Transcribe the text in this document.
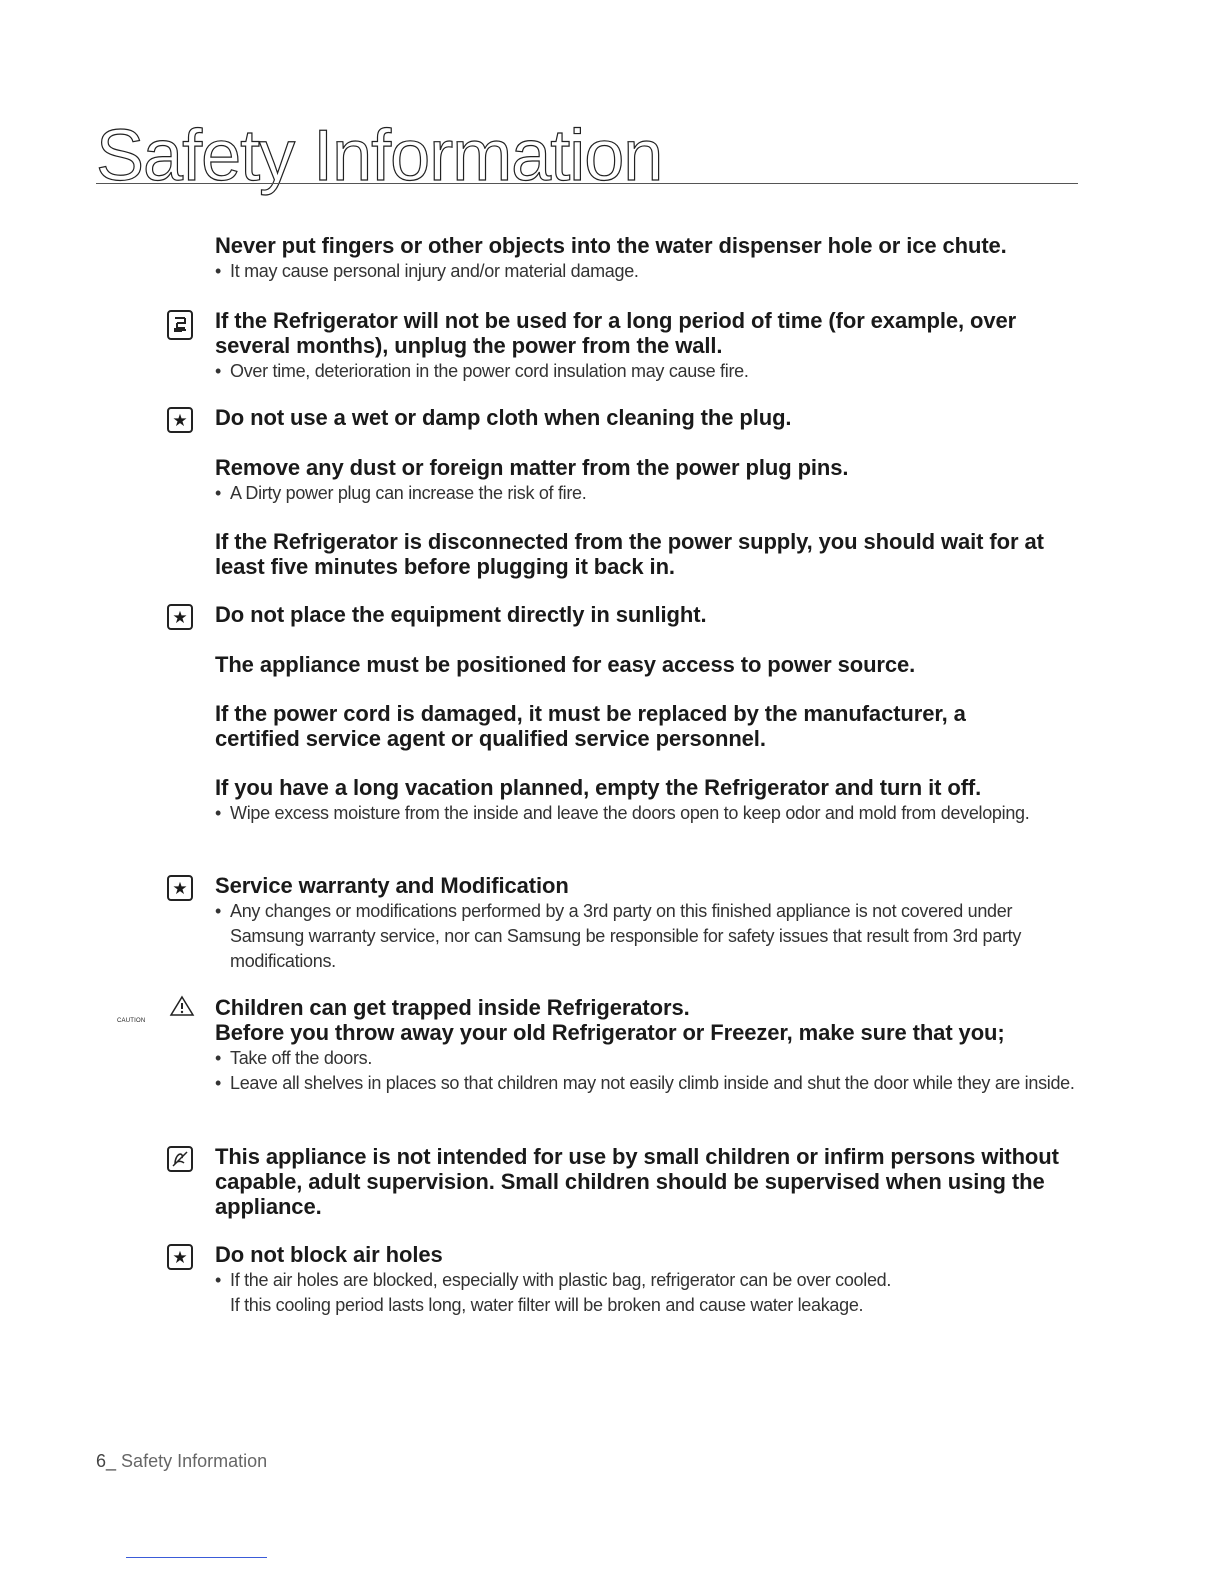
Safety Information
Never put fingers or other objects into the water dispenser hole or ice chute.
• It may cause personal injury and/or material damage.
If the Refrigerator will not be used for a long period of time (for example, over several months), unplug the power from the wall.
• Over time, deterioration in the power cord insulation may cause fire.
★ Do not use a wet or damp cloth when cleaning the plug.
Remove any dust or foreign matter from the power plug pins.
• A Dirty power plug can increase the risk of fire.
If the Refrigerator is disconnected from the power supply, you should wait for at least five minutes before plugging it back in.
★ Do not place the equipment directly in sunlight.
The appliance must be positioned for easy access to power source.
If the power cord is damaged, it must be replaced by the manufacturer, a certified service agent or qualified service personnel.
If you have a long vacation planned, empty the Refrigerator and turn it off.
• Wipe excess moisture from the inside and leave the doors open to keep odor and mold from developing.
★ Service warranty and Modification
• Any changes or modifications performed by a 3rd party on this finished appliance is not covered under Samsung warranty service, nor can Samsung be responsible for safety issues that result from 3rd party modifications.
CAUTION
Children can get trapped inside Refrigerators.
Before you throw away your old Refrigerator or Freezer, make sure that you;
• Take off the doors.
• Leave all shelves in places so that children may not easily climb inside and shut the door while they are inside.
This appliance is not intended for use by small children or infirm persons without capable, adult supervision. Small children should be supervised when using the appliance.
★ Do not block air holes
• If the air holes are blocked, especially with plastic bag, refrigerator can be over cooled.
If this cooling period lasts long, water filter will be broken and cause water leakage.
6_ Safety Information
